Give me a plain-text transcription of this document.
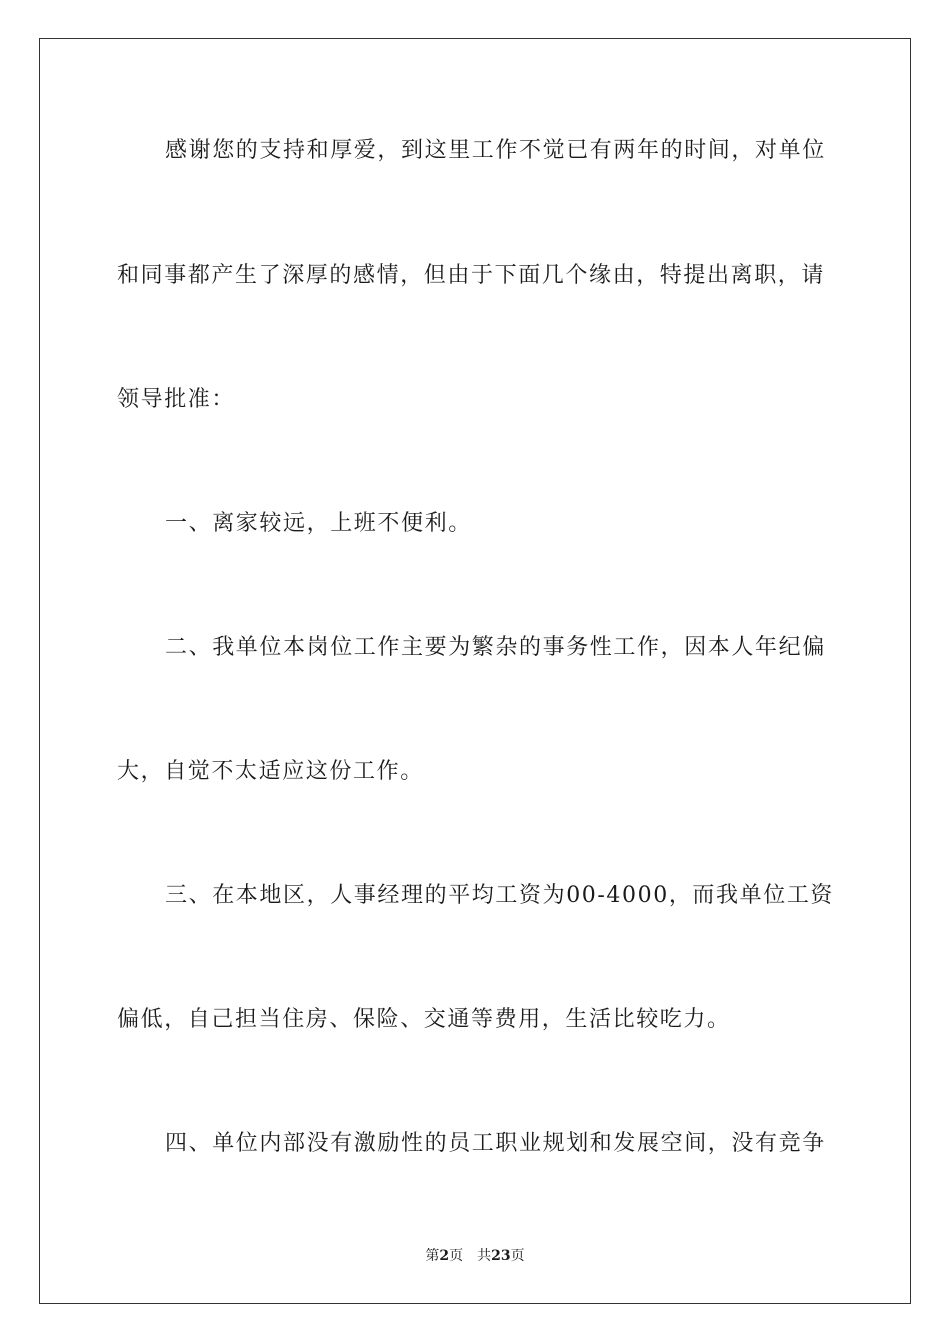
感谢您的支持和厚爱，到这里工作不觉已有两年的时间，对单位
和同事都产生了深厚的感情，但由于下面几个缘由，特提出离职，请
领导批准：
一、离家较远，上班不便利。
二、我单位本岗位工作主要为繁杂的事务性工作，因本人年纪偏
大，自觉不太适应这份工作。
三、在本地区，人事经理的平均工资为00-4000，而我单位工资
偏低，自己担当住房、保险、交通等费用，生活比较吃力。
四、单位内部没有激励性的员工职业规划和发展空间，没有竞争
第2页 共23页
